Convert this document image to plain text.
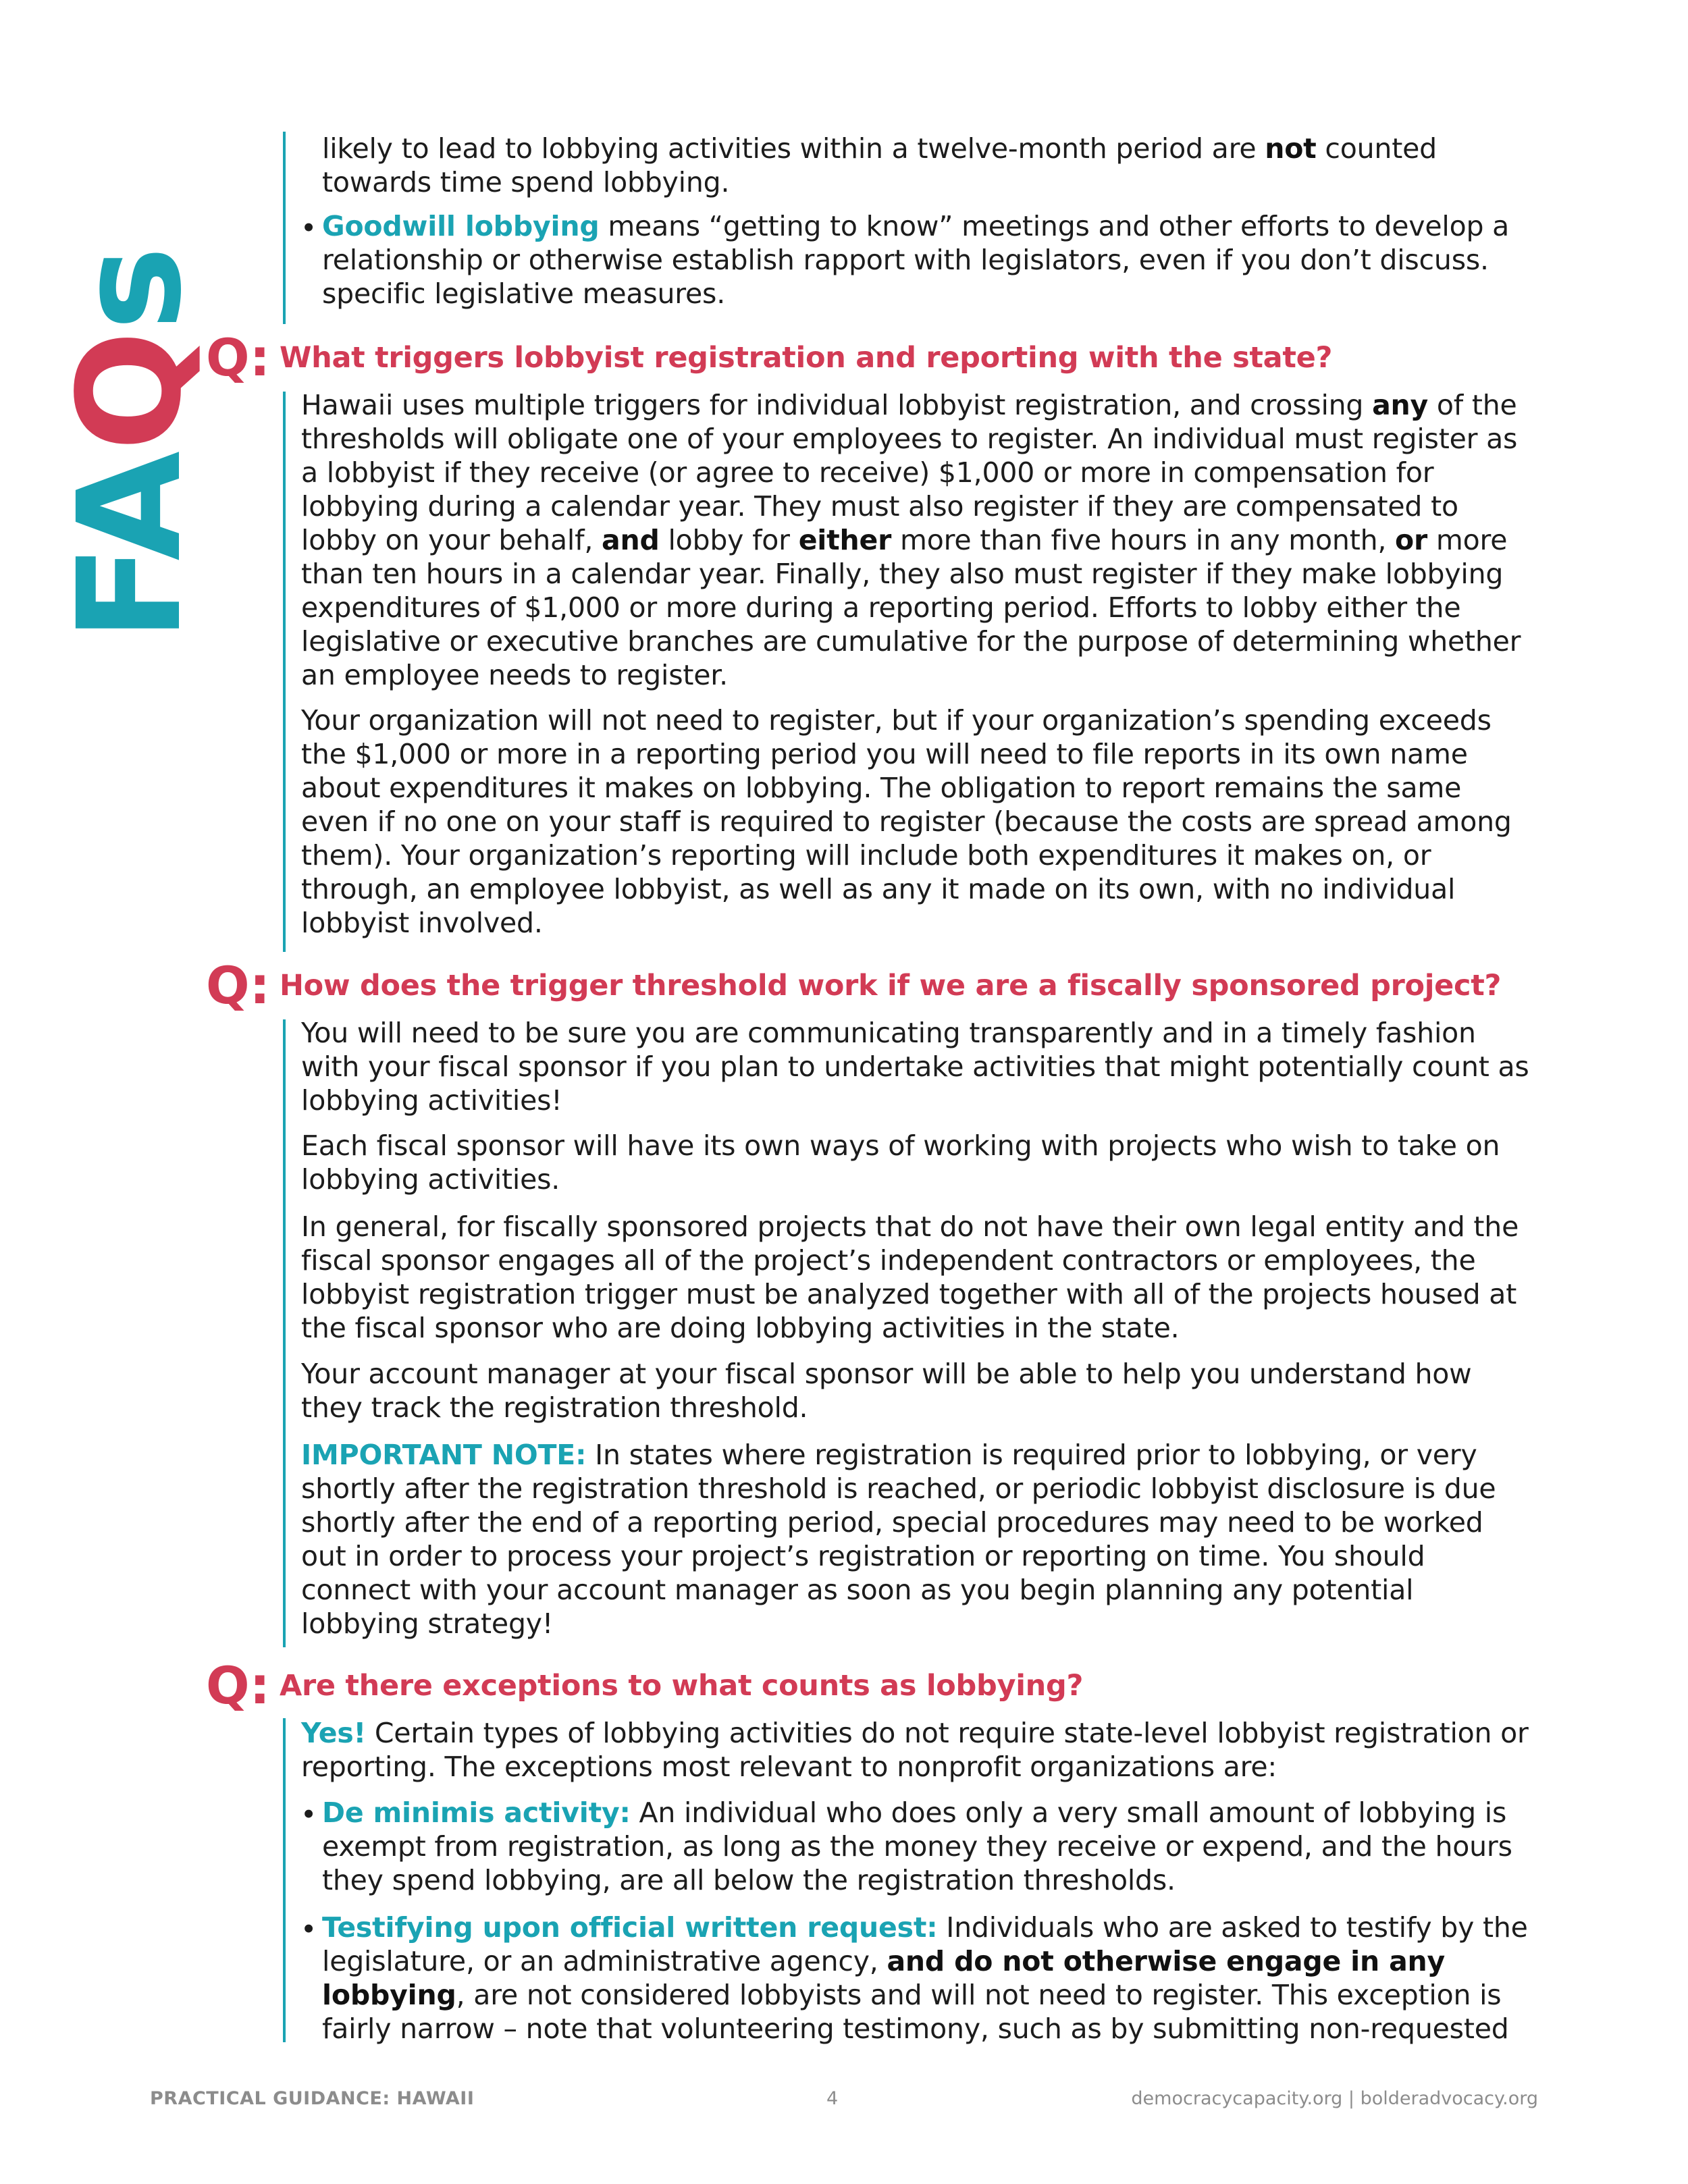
FAQs

likely to lead to lobbying activities within a twelve-month period are not counted towards time spend lobbying.

• Goodwill lobbying means “getting to know” meetings and other efforts to develop a relationship or otherwise establish rapport with legislators, even if you don’t discuss. specific legislative measures.

Q: What triggers lobbyist registration and reporting with the state?

Hawaii uses multiple triggers for individual lobbyist registration, and crossing any of the thresholds will obligate one of your employees to register. An individual must register as a lobbyist if they receive (or agree to receive) $1,000 or more in compensation for lobbying during a calendar year. They must also register if they are compensated to lobby on your behalf, and lobby for either more than five hours in any month, or more than ten hours in a calendar year. Finally, they also must register if they make lobbying expenditures of $1,000 or more during a reporting period. Efforts to lobby either the legislative or executive branches are cumulative for the purpose of determining whether an employee needs to register.

Your organization will not need to register, but if your organization’s spending exceeds the $1,000 or more in a reporting period you will need to file reports in its own name about expenditures it makes on lobbying. The obligation to report remains the same even if no one on your staff is required to register (because the costs are spread among them). Your organization’s reporting will include both expenditures it makes on, or through, an employee lobbyist, as well as any it made on its own, with no individual lobbyist involved.

Q: How does the trigger threshold work if we are a fiscally sponsored project?

You will need to be sure you are communicating transparently and in a timely fashion with your fiscal sponsor if you plan to undertake activities that might potentially count as lobbying activities!

Each fiscal sponsor will have its own ways of working with projects who wish to take on lobbying activities.

In general, for fiscally sponsored projects that do not have their own legal entity and the fiscal sponsor engages all of the project’s independent contractors or employees, the lobbyist registration trigger must be analyzed together with all of the projects housed at the fiscal sponsor who are doing lobbying activities in the state.

Your account manager at your fiscal sponsor will be able to help you understand how they track the registration threshold.

IMPORTANT NOTE: In states where registration is required prior to lobbying, or very shortly after the registration threshold is reached, or periodic lobbyist disclosure is due shortly after the end of a reporting period, special procedures may need to be worked out in order to process your project’s registration or reporting on time. You should connect with your account manager as soon as you begin planning any potential lobbying strategy!

Q: Are there exceptions to what counts as lobbying?

Yes! Certain types of lobbying activities do not require state-level lobbyist registration or reporting. The exceptions most relevant to nonprofit organizations are:

• De minimis activity: An individual who does only a very small amount of lobbying is exempt from registration, as long as the money they receive or expend, and the hours they spend lobbying, are all below the registration thresholds.

• Testifying upon official written request: Individuals who are asked to testify by the legislature, or an administrative agency, and do not otherwise engage in any lobbying, are not considered lobbyists and will not need to register. This exception is fairly narrow – note that volunteering testimony, such as by submitting non-requested

PRACTICAL GUIDANCE: HAWAII	4	democracycapacity.org | bolderadvocacy.org
